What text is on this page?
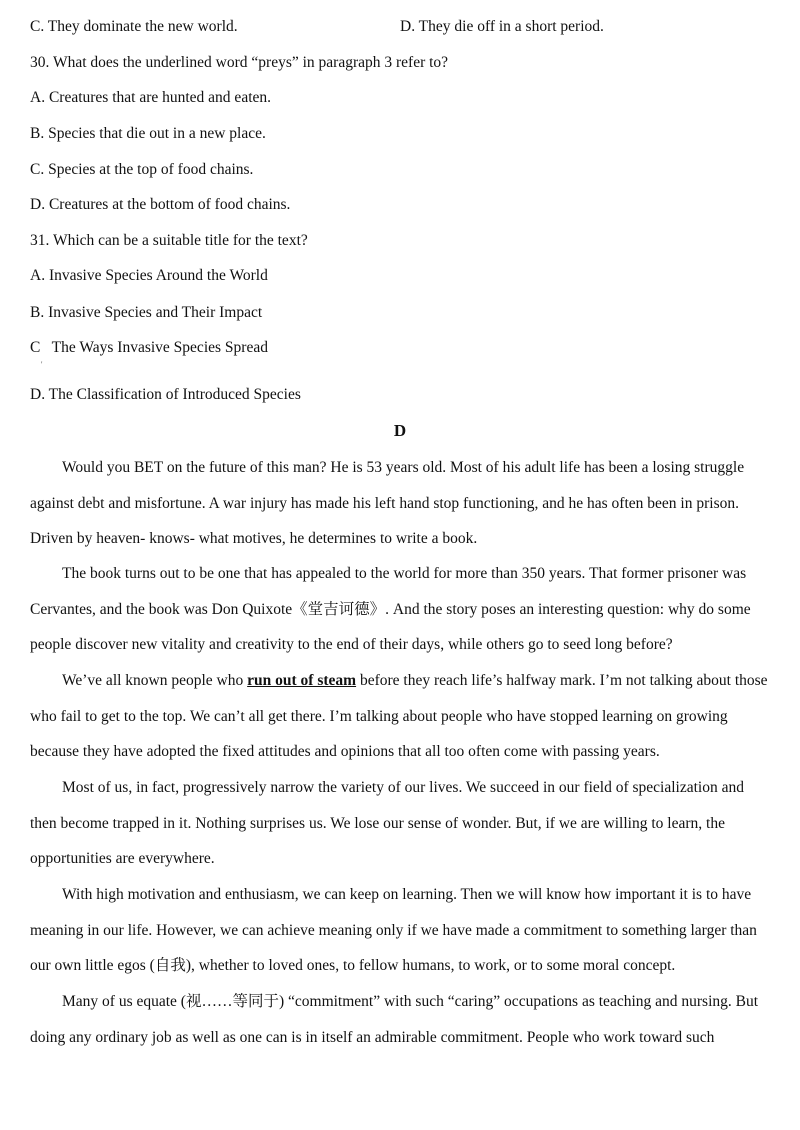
C. They dominate the new world.	D. They die off in a short period.
30. What does the underlined word “preys” in paragraph 3 refer to?
A. Creatures that are hunted and eaten.
B. Species that die out in a new place.
C. Species at the top of food chains.
D. Creatures at the bottom of food chains.
31. Which can be a suitable title for the text?
A. Invasive Species Around the World
B. Invasive Species and Their Impact
C   The Ways Invasive Species Spread
'
D. The Classification of Introduced Species
D

Would you BET on the future of this man? He is 53 years old. Most of his adult life has been a losing struggle against debt and misfortune. A war injury has made his left hand stop functioning, and he has often been in prison. Driven by heaven- knows- what motives, he determines to write a book.

The book turns out to be one that has appealed to the world for more than 350 years. That former prisoner was Cervantes, and the book was Don Quixote《堂吉诃德》. And the story poses an interesting question: why do some people discover new vitality and creativity to the end of their days, while others go to seed long before?

We’ve all known people who run out of steam before they reach life’s halfway mark. I’m not talking about those who fail to get to the top. We can’t all get there. I’m talking about people who have stopped learning on growing because they have adopted the fixed attitudes and opinions that all too often come with passing years.

Most of us, in fact, progressively narrow the variety of our lives. We succeed in our field of specialization and then become trapped in it. Nothing surprises us. We lose our sense of wonder. But, if we are willing to learn, the opportunities are everywhere.

With high motivation and enthusiasm, we can keep on learning. Then we will know how important it is to have meaning in our life. However, we can achieve meaning only if we have made a commitment to something larger than our own little egos (自我), whether to loved ones, to fellow humans, to work, or to some moral concept.

Many of us equate (视……等同于) “commitment” with such “caring” occupations as teaching and nursing. But doing any ordinary job as well as one can is in itself an admirable commitment. People who work toward such
